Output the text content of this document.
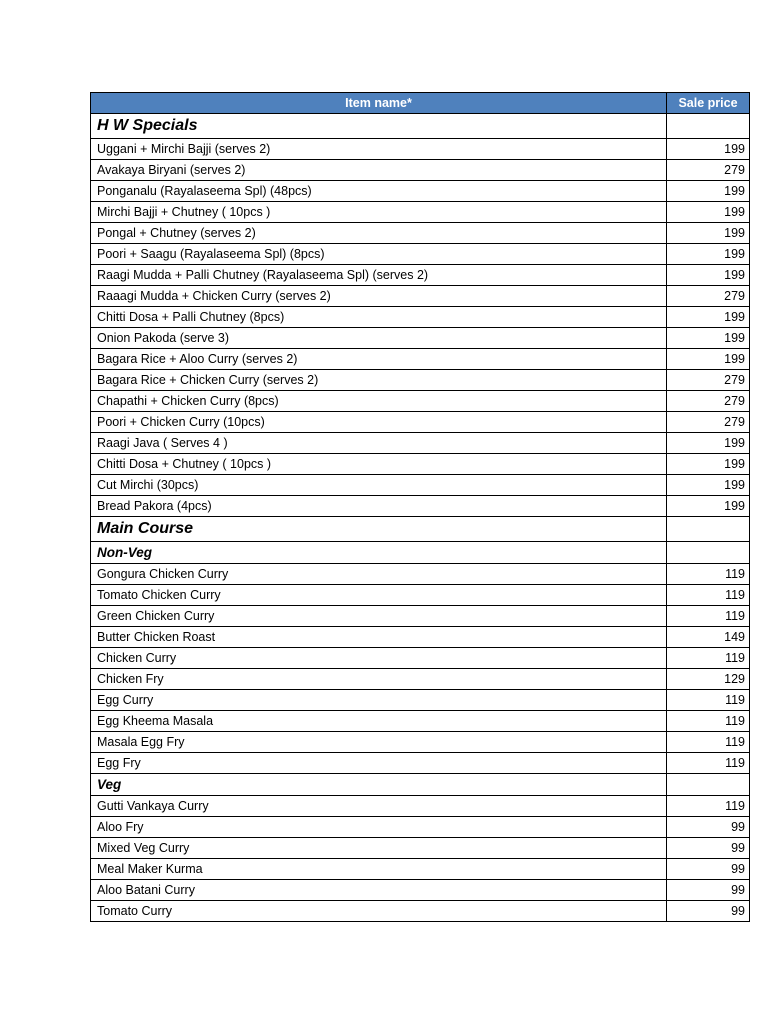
Item name*	Sale price
H W Specials	
Uggani + Mirchi Bajji (serves 2)	199
Avakaya Biryani (serves 2)	279
Ponganalu (Rayalaseema Spl) (48pcs)	199
Mirchi Bajji + Chutney ( 10pcs )	199
Pongal + Chutney (serves 2)	199
Poori + Saagu (Rayalaseema Spl) (8pcs)	199
Raagi Mudda + Palli Chutney (Rayalaseema Spl) (serves 2)	199
Raaagi Mudda + Chicken Curry (serves 2)	279
Chitti Dosa + Palli Chutney (8pcs)	199
Onion Pakoda (serve 3)	199
Bagara Rice + Aloo Curry (serves 2)	199
Bagara Rice + Chicken Curry (serves 2)	279
Chapathi + Chicken Curry (8pcs)	279
Poori + Chicken Curry (10pcs)	279
Raagi Java ( Serves 4 )	199
Chitti Dosa + Chutney ( 10pcs )	199
Cut Mirchi (30pcs)	199
Bread Pakora (4pcs)	199
Main Course	
Non-Veg	
Gongura Chicken Curry	119
Tomato Chicken Curry	119
Green Chicken Curry	119
Butter Chicken Roast	149
Chicken Curry	119
Chicken Fry	129
Egg Curry	119
Egg Kheema Masala	119
Masala Egg Fry	119
Egg Fry	119
Veg	
Gutti Vankaya Curry	119
Aloo Fry	99
Mixed Veg Curry	99
Meal Maker Kurma	99
Aloo Batani Curry	99
Tomato Curry	99
